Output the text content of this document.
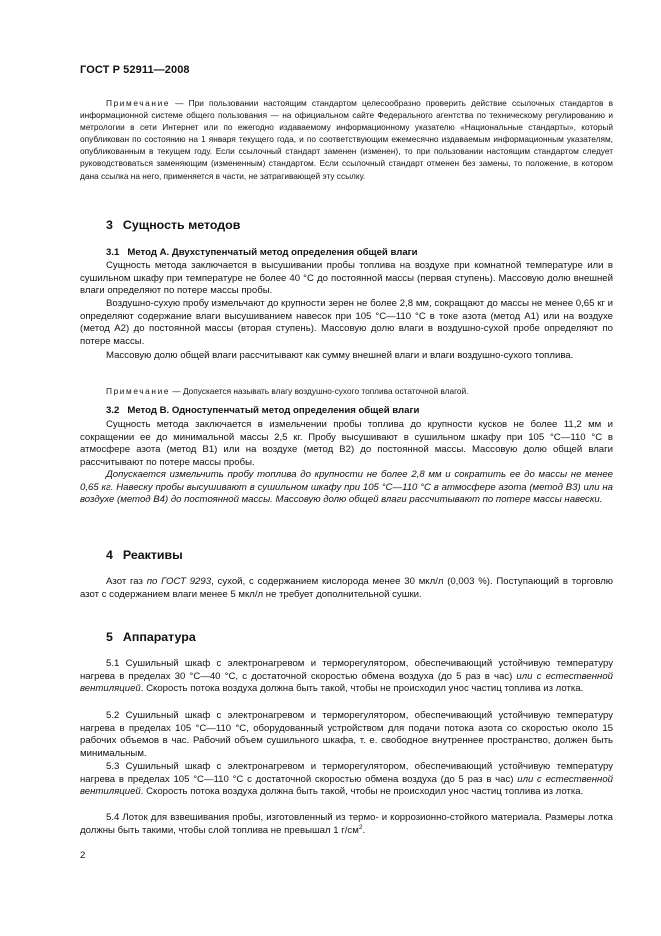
ГОСТ Р 52911—2008
Примечание — При пользовании настоящим стандартом целесообразно проверить действие ссылочных стандартов в информационной системе общего пользования — на официальном сайте Федерального агентства по техническому регулированию и метрологии в сети Интернет или по ежегодно издаваемому информационному указателю «Национальные стандарты», который опубликован по состоянию на 1 января текущего года, и по соответствующим ежемесячно издаваемым информационным указателям, опубликованным в текущем году. Если ссылочный стандарт заменен (изменен), то при пользовании настоящим стандартом следует руководствоваться заменяющим (измененным) стандартом. Если ссылочный стандарт отменен без замены, то положение, в котором дана ссылка на него, применяется в части, не затрагивающей эту ссылку.
3 Сущность методов
3.1 Метод А. Двухступенчатый метод определения общей влаги
Сущность метода заключается в высушивании пробы топлива на воздухе при комнатной температуре или в сушильном шкафу при температуре не более 40 °С до постоянной массы (первая ступень). Массовую долю внешней влаги определяют по потере массы пробы.
Воздушно-сухую пробу измельчают до крупности зерен не более 2,8 мм, сокращают до массы не менее 0,65 кг и определяют содержание влаги высушиванием навесок при 105 °С—110 °С в токе азота (метод А1) или на воздухе (метод А2) до постоянной массы (вторая ступень). Массовую долю влаги в воздушно-сухой пробе определяют по потере массы.
Массовую долю общей влаги рассчитывают как сумму внешней влаги и влаги воздушно-сухого топлива.
Примечание — Допускается называть влагу воздушно-сухого топлива остаточной влагой.
3.2 Метод В. Одноступенчатый метод определения общей влаги
Сущность метода заключается в измельчении пробы топлива до крупности кусков не более 11,2 мм и сокращении ее до минимальной массы 2,5 кг. Пробу высушивают в сушильном шкафу при 105 °С—110 °С в атмосфере азота (метод В1) или на воздухе (метод В2) до постоянной массы. Массовую долю общей влаги рассчитывают по потере массы пробы.
Допускается измельчить пробу топлива до крупности не более 2,8 мм и сократить ее до массы не менее 0,65 кг. Навеску пробы высушивают в сушильном шкафу при 105 °С—110 °С в атмосфере азота (метод В3) или на воздухе (метод В4) до постоянной массы. Массовую долю общей влаги рассчитывают по потере массы навески.
4 Реактивы
Азот газ по ГОСТ 9293, сухой, с содержанием кислорода менее 30 мкл/л (0,003 %). Поступающий в торговлю азот с содержанием влаги менее 5 мкл/л не требует дополнительной сушки.
5 Аппаратура
5.1 Сушильный шкаф с электронагревом и терморегулятором, обеспечивающий устойчивую температуру нагрева в пределах 30 °С—40 °С, с достаточной скоростью обмена воздуха (до 5 раз в час) или с естественной вентиляцией. Скорость потока воздуха должна быть такой, чтобы не происходил унос частиц топлива из лотка.
5.2 Сушильный шкаф с электронагревом и терморегулятором, обеспечивающий устойчивую температуру нагрева в пределах 105 °С—110 °С, оборудованный устройством для подачи потока азота со скоростью около 15 рабочих объемов в час. Рабочий объем сушильного шкафа, т. е. свободное внутреннее пространство, должен быть минимальным.
5.3 Сушильный шкаф с электронагревом и терморегулятором, обеспечивающий устойчивую температуру нагрева в пределах 105 °С—110 °С с достаточной скоростью обмена воздуха (до 5 раз в час) или с естественной вентиляцией. Скорость потока воздуха должна быть такой, чтобы не происходил унос частиц топлива из лотка.
5.4 Лоток для взвешивания пробы, изготовленный из термо- и коррозионно-стойкого материала. Размеры лотка должны быть такими, чтобы слой топлива не превышал 1 $г/см^2$.
2
